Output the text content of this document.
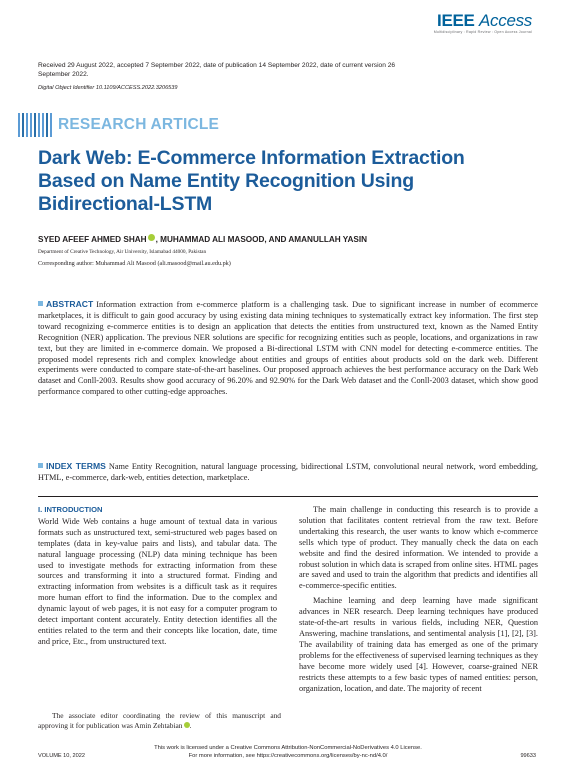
IEEE Access
Multidisciplinary : Rapid Review : Open Access Journal
Received 29 August 2022, accepted 7 September 2022, date of publication 14 September 2022, date of current version 26 September 2022.
Digital Object Identifier 10.1109/ACCESS.2022.3206539
RESEARCH ARTICLE
Dark Web: E-Commerce Information Extraction Based on Name Entity Recognition Using Bidirectional-LSTM
SYED AFEEF AHMED SHAH , MUHAMMAD ALI MASOOD, AND AMANULLAH YASIN
Department of Creative Technology, Air University, Islamabad 44000, Pakistan
Corresponding author: Muhammad Ali Masood (ali.masood@mail.au.edu.pk)
ABSTRACT Information extraction from e-commerce platform is a challenging task. Due to significant increase in number of ecommerce marketplaces, it is difficult to gain good accuracy by using existing data mining techniques to systematically extract key information. The first step toward recognizing e-commerce entities is to design an application that detects the entities from unstructured text, known as the Named Entity Recognition (NER) application. The previous NER solutions are specific for recognizing entities such as people, locations, and organizations in raw text, but they are limited in e-commerce domain. We proposed a Bi-directional LSTM with CNN model for detecting e-commerce entities. The proposed model represents rich and complex knowledge about entities and groups of entities about products sold on the dark web. Different experiments were conducted to compare state-of-the-art baselines. Our proposed approach achieves the best performance accuracy on the Dark Web dataset and Conll-2003. Results show good accuracy of 96.20% and 92.90% for the Dark Web dataset and the Conll-2003 dataset, which show good performance compared to other cutting-edge approaches.
INDEX TERMS Name Entity Recognition, natural language processing, bidirectional LSTM, convolutional neural network, word embedding, HTML, e-commerce, dark-web, entities detection, marketplace.
I. INTRODUCTION
World Wide Web contains a huge amount of textual data in various formats such as unstructured text, semi-structured web pages based on templates (data in key-value pairs and lists), and tabular data. The natural language processing (NLP) data mining technique has been used to investigate methods for extracting information from these sources and transforming it into a structured format. Finding and extracting information from websites is a difficult task as it requires more human effort to find the information. Due to the complex and dynamic layout of web pages, it is not easy for a computer program to detect important content accurately. Entity detection identifies all the entities related to the term and their concepts like location, date, time and price, Etc., from unstructured text.
The main challenge in conducting this research is to provide a solution that facilitates content retrieval from the raw text. Before undertaking this research, the user wants to know which e-commerce sells which type of product. They manually check the data on each website and find the desired information. We intended to provide a robust solution in which data is scraped from online sites. HTML pages are saved and used to train the algorithm that predicts and identifies all e-commerce-specific entities.
Machine learning and deep learning have made significant advances in NER research. Deep learning techniques have produced state-of-the-art results in various fields, including NER, Question Answering, machine translations, and sentimental analysis [1], [2], [3]. The availability of training data has emerged as one of the primary problems for the effectiveness of supervised learning techniques as they have become more widely used [4]. However, coarse-grained NER restricts these attempts to a few basic types of named entities: person, organization, location, and date. The majority of recent
The associate editor coordinating the review of this manuscript and approving it for publication was Amin Zehtabian .
This work is licensed under a Creative Commons Attribution-NonCommercial-NoDerivatives 4.0 License.
For more information, see https://creativecommons.org/licenses/by-nc-nd/4.0/
VOLUME 10, 2022	99633
